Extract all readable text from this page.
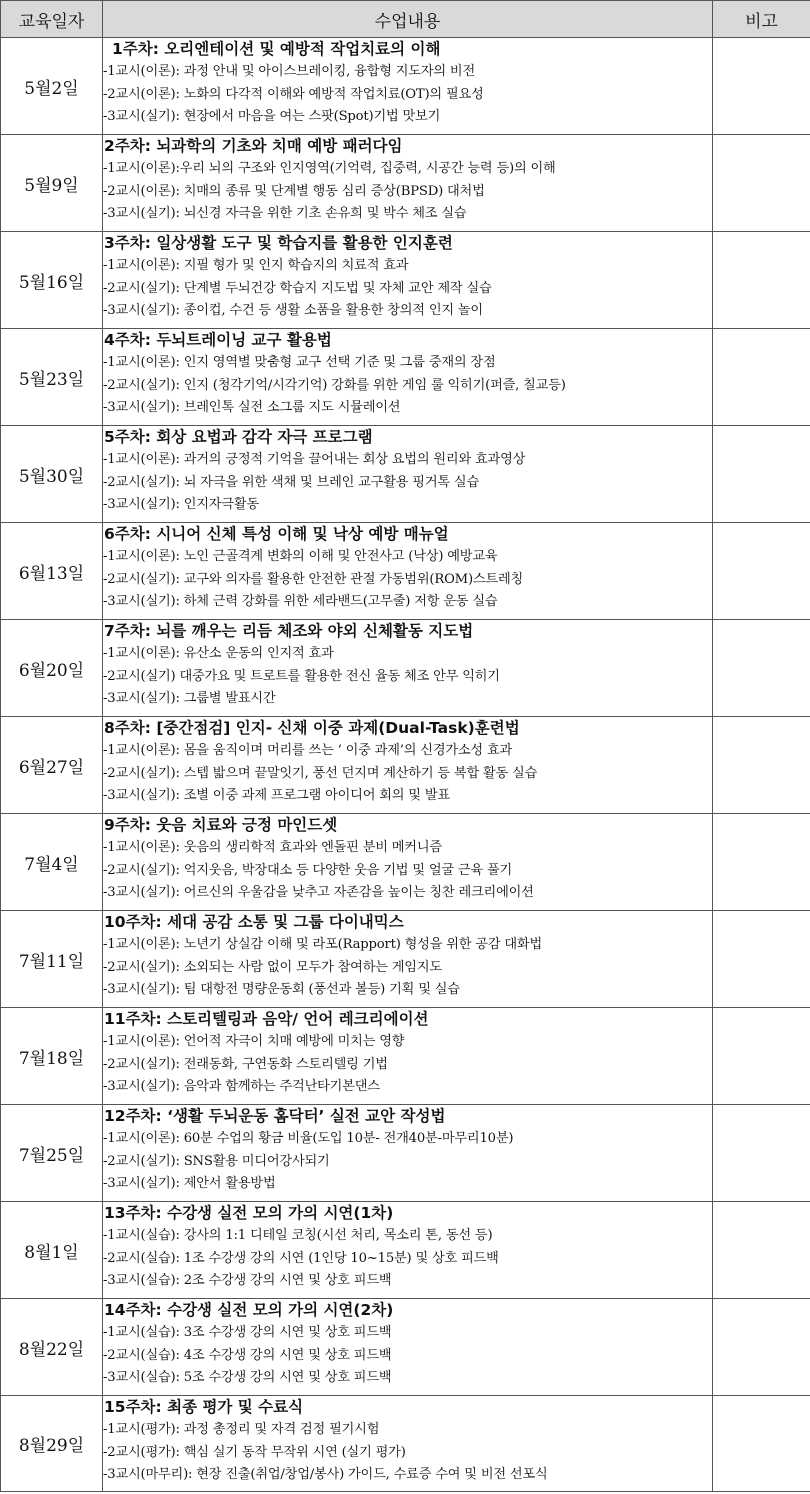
교육일자	수업내용	비고
5월2일	1주차: 오리엔테이션 및 예방적 작업치료의 이해
-1교시(이론): 과정 안내 및 아이스브레이킹, 융합형 지도자의 비전
-2교시(이론): 노화의 다각적 이해와 예방적 작업치료(OT)의 필요성
-3교시(실기): 현장에서 마음을 여는 스팟(Spot)기법 맛보기	

5월9일	2주차: 뇌과학의 기초와 치매 예방 패러다임
-1교시(이론):우리 뇌의 구조와 인지영역(기억력, 집중력, 시공간 능력 등)의 이해
-2교시(이론): 치매의 종류 및 단계별 행동 심리 증상(BPSD) 대처법
-3교시(실기): 뇌신경 자극을 위한 기초 손유희 및 박수 체조 실습	

5월16일	3주차: 일상생활 도구 및 학습지를 활용한 인지훈련
-1교시(이론): 지필 형가 및 인지 학습지의 치료적 효과
-2교시(실기): 단계별 두뇌건강 학습지 지도법 및 자체 교안 제작 실습
-3교시(실기): 종이컵, 수건 등 생활 소품을 활용한 창의적 인지 놀이	

5월23일	4주차: 두뇌트레이닝 교구 활용법
-1교시(이론): 인지 영역별 맞춤형 교구 선택 기준 및 그룹 중재의 장점
-2교시(실기): 인지 (청각기억/시각기억) 강화를 위한 게임 룰 익히기(퍼즐, 칠교등)
-3교시(실기): 브레인톡 실전 소그룹 지도 시뮬레이션	

5월30일	5주차: 회상 요법과 감각 자극 프로그램
-1교시(이론): 과거의 긍정적 기억을 끌어내는 회상 요법의 원리와 효과영상
-2교시(실기): 뇌 자극을 위한 색채 및 브레인 교구활용 핑거톡 실습
-3교시(실기): 인지자극활동	

6월13일	6주차: 시니어 신체 특성 이해 및 낙상 예방 매뉴얼
-1교시(이론): 노인 근골격계 변화의 이해 및 안전사고 (낙상) 예방교육
-2교시(실기): 교구와 의자를 활용한 안전한 관절 가동범위(ROM)스트레칭
-3교시(실기): 하체 근력 강화를 위한 세라밴드(고무줄) 저항 운동 실습	

6월20일	7주차: 뇌를 깨우는 리듬 체조와 야외 신체활동 지도법
-1교시(이론): 유산소 운동의 인지적 효과
-2교시(실기) 대중가요 및 트로트를 활용한 전신 율동 체조 안무 익히기
-3교시(실기): 그룹별 발표시간	

6월27일	8주차: [중간점검] 인지- 신채 이중 과제(Dual-Task)훈련법
-1교시(이론): 몸을 움직이며 머리를 쓰는 ‘ 이중 과제’의 신경가소성 효과
-2교시(실기): 스텝 밟으며 끝말잇기, 풍선 던지며 계산하기 등 복합 활동 실습
-3교시(실기): 조별 이중 과제 프로그램 아이디어 회의 및 발표	

7월4일	9주차: 웃음 치료와 긍정 마인드셋
-1교시(이론): 웃음의 생리학적 효과와 엔돌핀 분비 메커니즘
-2교시(실기): 억지웃음, 박장대소 등 다양한 웃음 기법 및 얼굴 근육 풀기
-3교시(실기): 어르신의 우울감을 낮추고 자존감을 높이는 칭찬 레크리에이션	

7월11일	10주차: 세대 공감 소통 및 그룹 다이내믹스
-1교시(이론): 노년기 상실감 이해 및 라포(Rapport) 형성을 위한 공감 대화법
-2교시(실기): 소외되는 사람 없이 모두가 참여하는 게임지도
-3교시(실기): 팀 대항전 명량운동회 (풍선과 볼등) 기획 및 실습	

7월18일	11주차: 스토리텔링과 음악/ 언어 레크리에이션
-1교시(이론): 언어적 자극이 치매 예방에 미치는 영향
-2교시(실기): 전래동화, 구연동화 스토리텔링 기법
-3교시(실기): 음악과 함께하는 주걱난타기본댄스	

7월25일	12주차: ‘생활 두뇌운동 홈닥터’ 실전 교안 작성법
-1교시(이론): 60분 수업의 황금 비율(도입 10분- 전개40분-마무리10분)
-2교시(실기): SNS활용 미디어강사되기
-3교시(실기): 제안서 활용방법	

8월1일	13주차: 수강생 실전 모의 가의 시연(1차)
-1교시(실습): 강사의 1:1 디테일 코칭(시선 처리, 목소리 톤, 동선 등)
-2교시(실습): 1조 수강생 강의 시연 (1인당 10~15분) 및 상호 피드백
-3교시(실습): 2조 수강생 강의 시연 및 상호 피드백	

8월22일	14주차: 수강생 실전 모의 가의 시연(2차)
-1교시(실습): 3조 수강생 강의 시연 및 상호 피드백
-2교시(실습): 4조 수강생 강의 시연 및 상호 피드백
-3교시(실습): 5조 수강생 강의 시연 및 상호 피드백	

8월29일	15주차: 최종 평가 및 수료식
-1교시(평가): 과정 총정리 및 자격 검정 필기시험
-2교시(평가): 핵심 실기 동작 무작위 시연 (실기 평가)
-3교시(마무리): 현장 진출(취업/창업/봉사) 가이드, 수료증 수여 및 비전 선포식	
